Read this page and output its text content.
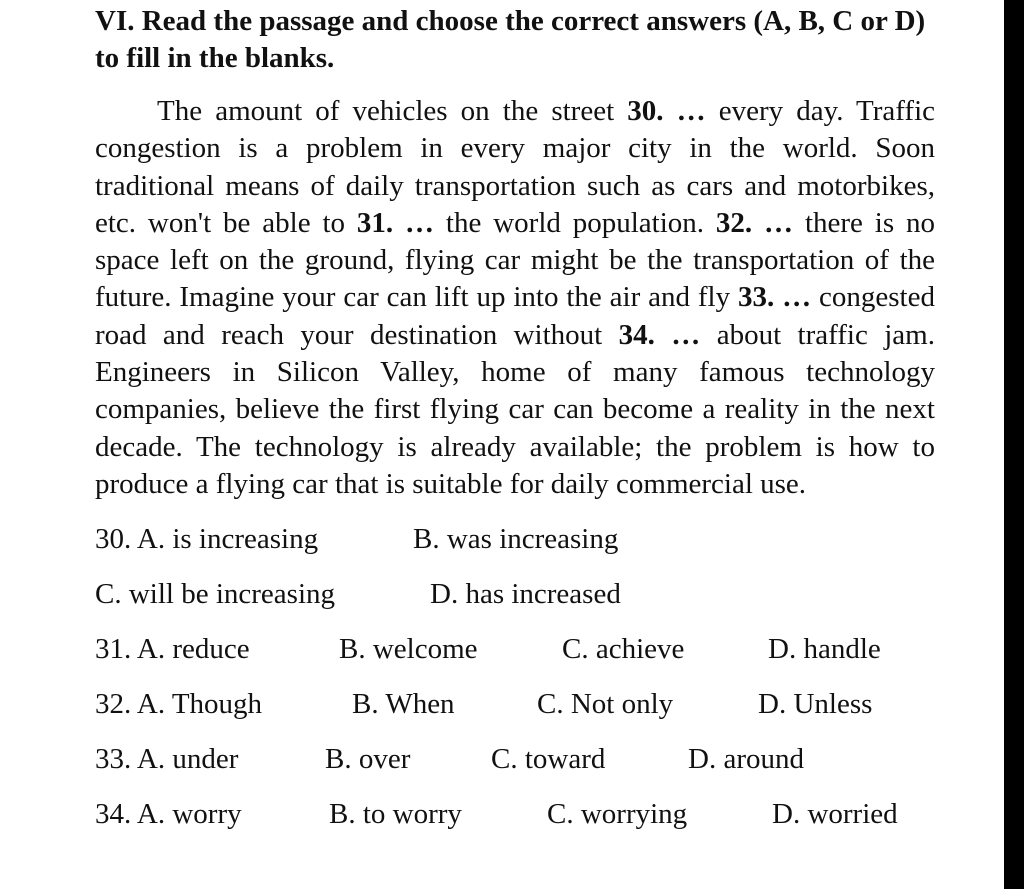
VI. Read the passage and choose the correct answers (A, B, C or D) to fill in the blanks.

The amount of vehicles on the street 30. … every day. Traffic congestion is a problem in every major city in the world. Soon traditional means of daily transportation such as cars and motorbikes, etc. won't be able to 31. … the world population. 32. … there is no space left on the ground, flying car might be the transportation of the future. Imagine your car can lift up into the air and fly 33. … congested road and reach your destination without 34. … about traffic jam. Engineers in Silicon Valley, home of many famous technology companies, believe the first flying car can become a reality in the next decade. The technology is already available; the problem is how to produce a flying car that is suitable for daily commercial use.

30. A. is increasing	B. was increasing
C. will be increasing	D. has increased
31. A. reduce	B. welcome	C. achieve	D. handle
32. A. Though	B. When	C. Not only	D. Unless
33. A. under	B. over	C. toward	D. around
34. A. worry	B. to worry	C. worrying	D. worried
